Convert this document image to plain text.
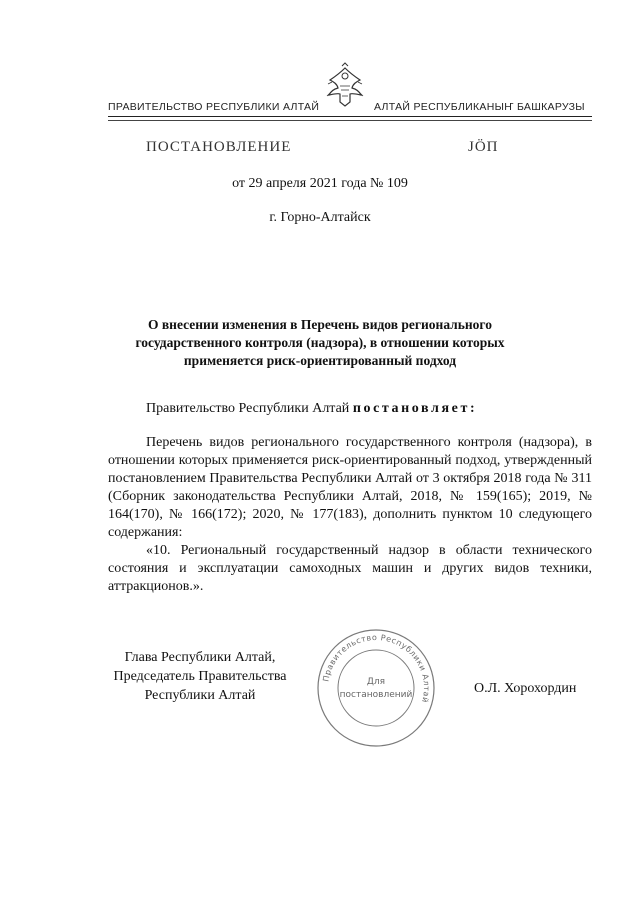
ПРАВИТЕЛЬСТВО РЕСПУБЛИКИ АЛТАЙ	АЛТАЙ РЕСПУБЛИКАНЫҤ БАШКАРУЗЫ
ПОСТАНОВЛЕНИЕ	JӦП
от 29 апреля 2021 года № 109
г. Горно-Алтайск
О внесении изменения в Перечень видов регионального
государственного контроля (надзора), в отношении которых
применяется риск-ориентированный подход
Правительство Республики Алтай постановляет:

Перечень видов регионального государственного контроля (надзора), в отношении которых применяется риск-ориентированный подход, утвержденный постановлением Правительства Республики Алтай от 3 октября 2018 года № 311 (Сборник законодательства Республики Алтай, 2018, № 159(165); 2019, № 164(170), № 166(172); 2020, № 177(183), дополнить пунктом 10 следующего содержания:

«10. Региональный государственный надзор в области технического состояния и эксплуатации самоходных машин и других видов техники, аттракционов.».

Глава Республики Алтай,
Председатель Правительства
Республики Алтай	О.Л. Хорохордин
Правительство Республики Алтай
Для
постановлений
